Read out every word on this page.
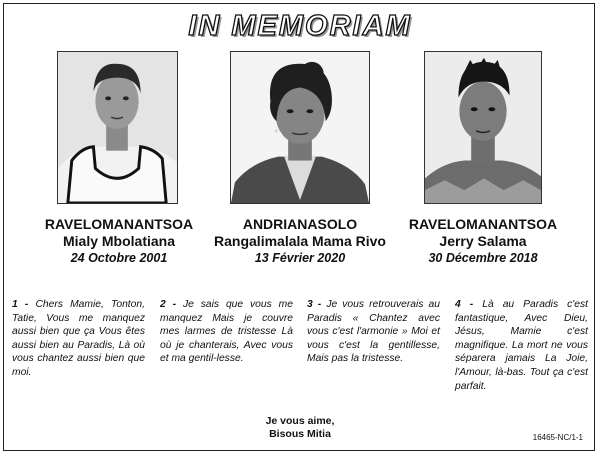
IN MEMORIAM
RAVELOMANANTSOA
Mialy Mbolatiana
24 Octobre 2001
ANDRIANASOLO
Rangalimalala Mama Rivo
13 Février 2020
RAVELOMANANTSOA
Jerry Salama
30 Décembre 2018
1 - Chers Mamie, Tonton, Tatie, Vous me manquez aussi bien que ça Vous êtes aussi bien au Paradis, Là où vous chantez aussi bien que moi.
2 - Je sais que vous me manquez Mais je couvre mes larmes de tristesse Là où je chanterais, Avec vous et ma gentil-lesse.
3 - Je vous retrouverais au Paradis « Chantez avec vous c'est l'armonie » Moi et vous c'est la gentillesse, Mais pas la tristesse.
4 - Là au Paradis c'est fantastique, Avec Dieu, Jésus, Mamie c'est magnifique. La mort ne vous séparera jamais La Joie, l'Amour, là-bas. Tout ça c'est parfait.
Je vous aime,
Bisous Mitia	16465-NC/1-1
